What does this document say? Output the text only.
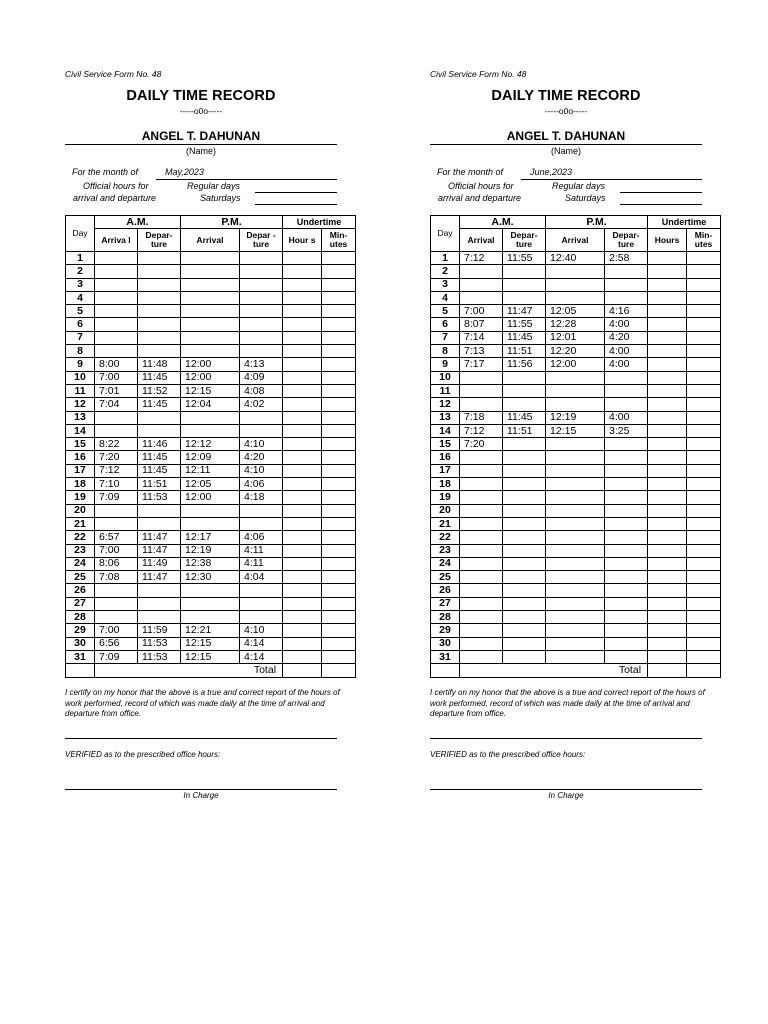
Civil Service Form No. 48
DAILY TIME RECORD
-----o0o-----
ANGEL T. DAHUNAN
(Name)
For the month of	May,2023
Official hours for
arrival and departure
Regular days
Saturdays
Day	A.M.		P.M.		Undertime	
	Arriva l	Depar- ture	Arrival	Depar -ture	Hour s	Min- utes
1						
2						
3						
4						
5						
6						
7						
8						
9	8:00	11:48	12:00	4:13		
10	7:00	11:45	12:00	4:09		
11	7:01	11:52	12:15	4:08		
12	7:04	11:45	12:04	4:02		
13						
14						
15	8:22	11:46	12:12	4:10		
16	7:20	11:45	12:09	4:20		
17	7:12	11:45	12:11	4:10		
18	7:10	11:51	12:05	4:06		
19	7:09	11:53	12:00	4:18		
20						
21						
22	6:57	11:47	12:17	4:06		
23	7:00	11:47	12:19	4:11		
24	8:06	11:49	12:38	4:11		
25	7:08	11:47	12:30	4:04		
26						
27						
28						
29	7:00	11:59	12:21	4:10		
30	6:56	11:53	12:15	4:14		
31	7:09	11:53	12:15	4:14		
	Total					
I certify on my honor that the above is a true and correct report of the hours of work performed, record of which was made daily at the time of arrival and departure from office.
VERIFIED as to the prescribed office hours:
In Charge
Civil Service Form No. 48
DAILY TIME RECORD
-----o0o-----
ANGEL T. DAHUNAN
(Name)
For the month of	June,2023
Official hours for
arrival and departure
Regular days
Saturdays
Day	A.M.		P.M.		Undertime	
	Arrival	Depar- ture	Arrival	Depar- ture	Hours	Min- utes
1	7:12	11:55	12:40	2:58		
2						
3						
4						
5	7:00	11:47	12:05	4:16		
6	8:07	11:55	12:28	4:00		
7	7:14	11:45	12:01	4:20		
8	7:13	11:51	12:20	4:00		
9	7:17	11:56	12:00	4:00		
10						
11						
12						
13	7:18	11:45	12:19	4:00		
14	7:12	11:51	12:15	3:25		
15	7:20					
16						
17						
18						
19						
20						
21						
22						
23						
24						
25						
26						
27						
28						
29						
30						
31						
	Total					
I certify on my honor that the above is a true and correct report of the hours of work performed, record of which was made daily at the time of arrival and departure from office.
VERIFIED as to the prescribed office hours:
In Charge
